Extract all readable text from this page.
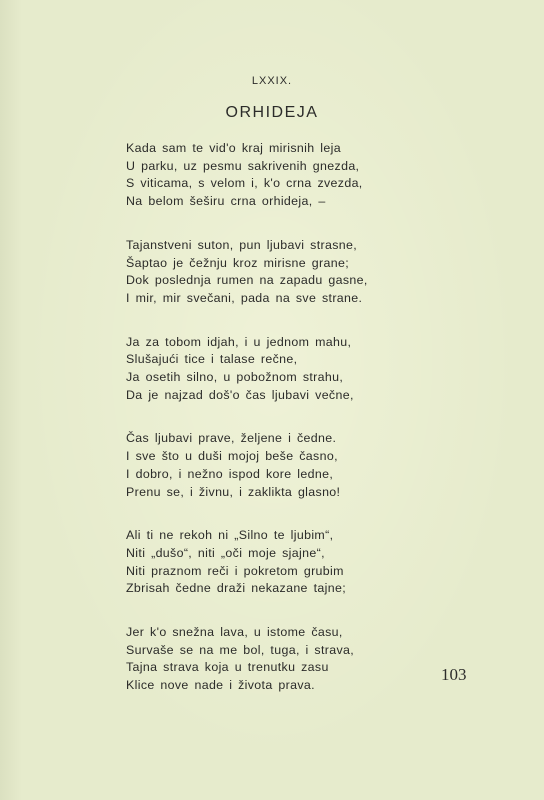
LXXIX.
ORHIDEJA
Kada sam te vid'o kraj mirisnih leja
U parku, uz pesmu sakrivenih gnezda,
S viticama, s velom i, k'o crna zvezda,
Na belom šeširu crna orhideja, –
Tajanstveni suton, pun ljubavi strasne,
Šaptao je čežnju kroz mirisne grane;
Dok poslednja rumen na zapadu gasne,
I mir, mir svečani, pada na sve strane.
Ja za tobom idjah, i u jednom mahu,
Slušajući tice i talase rečne,
Ja osetih silno, u pobožnom strahu,
Da je najzad doš'o čas ljubavi večne,
Čas ljubavi prave, željene i čedne.
I sve što u duši mojoj beše časno,
I dobro, i nežno ispod kore ledne,
Prenu se, i živnu, i zaklikta glasno!
Ali ti ne rekoh ni „Silno te ljubim“,
Niti „dušo“, niti „oči moje sjajne“,
Niti praznom reči i pokretom grubim
Zbrisah čedne draži nekazane tajne;
Jer k'o snežna lava, u istome času,
Survaše se na me bol, tuga, i strava,
Tajna strava koja u trenutku zasu
Klice nove nade i života prava.
103
